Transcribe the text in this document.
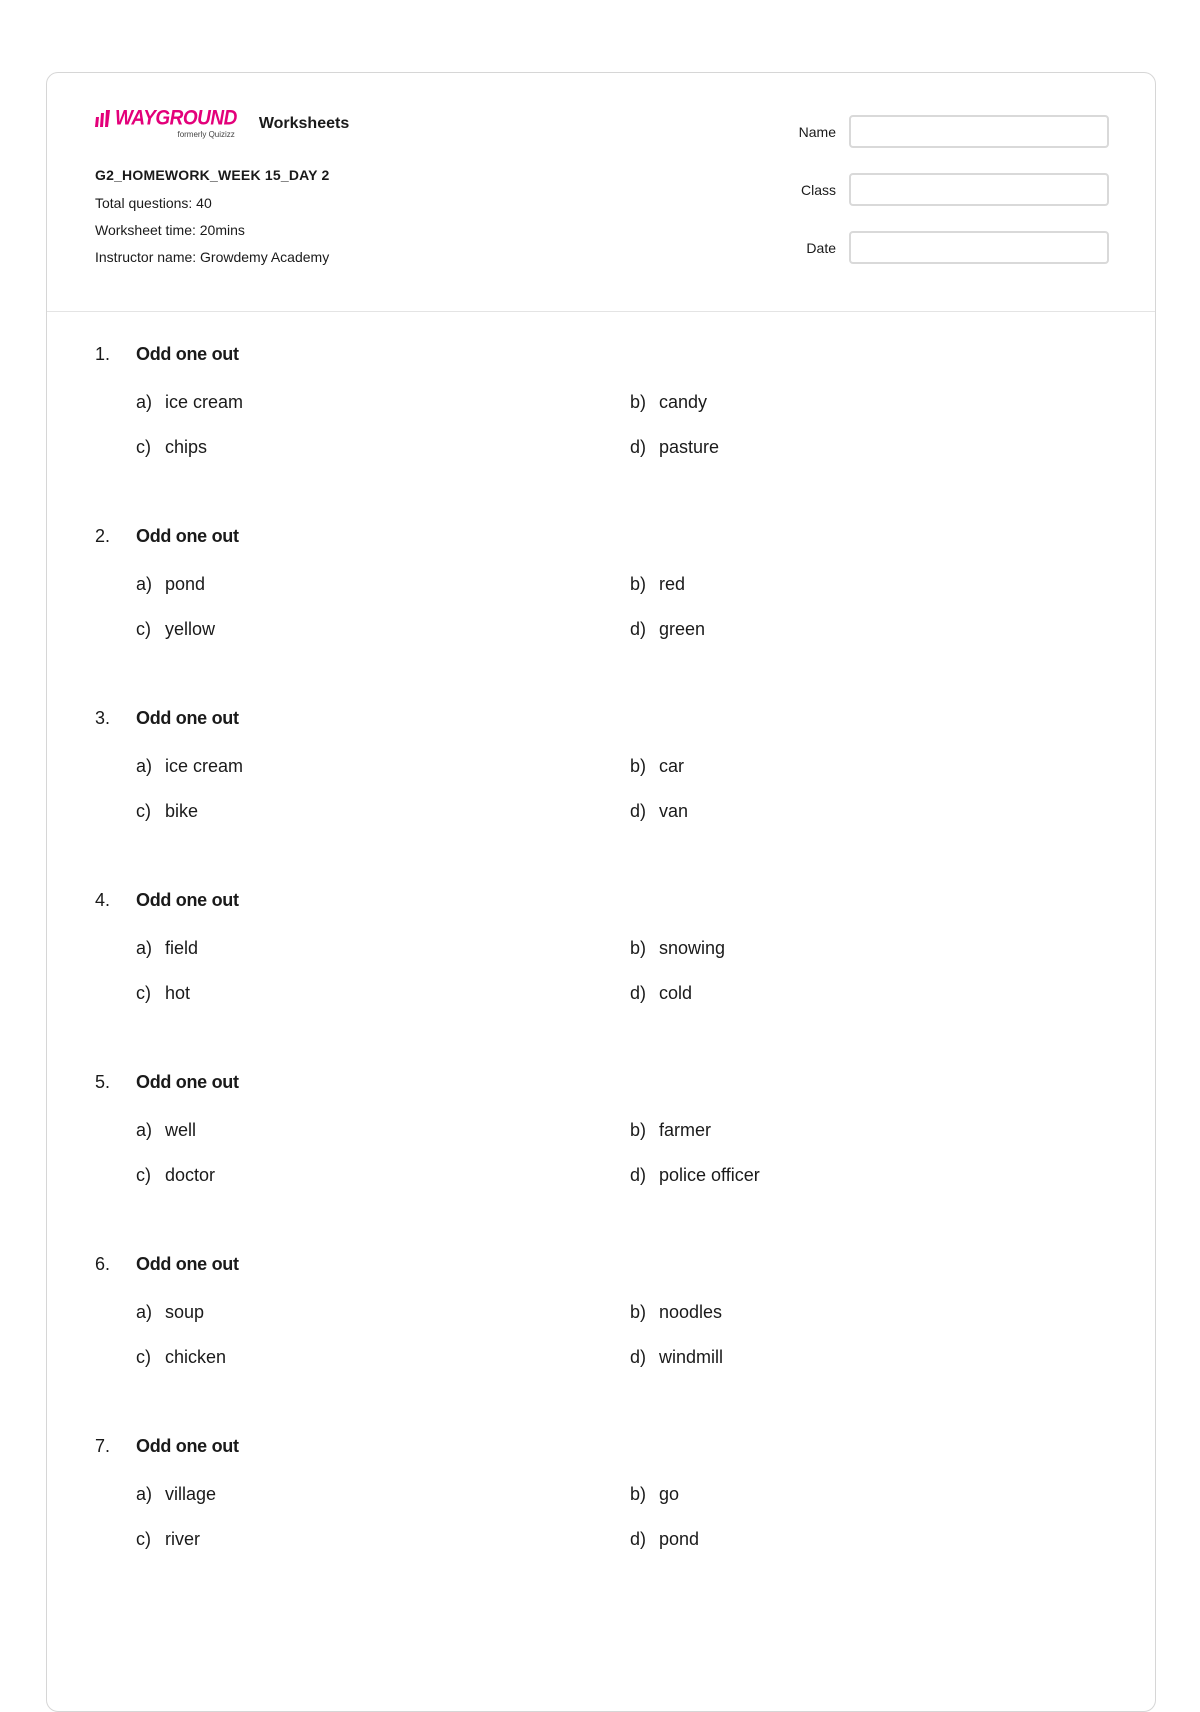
WAYGROUND
formerly Quizizz
Worksheets
G2_HOMEWORK_WEEK 15_DAY 2
Total questions: 40
Worksheet time: 20mins
Instructor name: Growdemy Academy
Name
Class
Date
1.	Odd one out
a) ice cream	b) candy
c) chips	d) pasture
2.	Odd one out
a) pond	b) red
c) yellow	d) green
3.	Odd one out
a) ice cream	b) car
c) bike	d) van
4.	Odd one out
a) field	b) snowing
c) hot	d) cold
5.	Odd one out
a) well	b) farmer
c) doctor	d) police officer
6.	Odd one out
a) soup	b) noodles
c) chicken	d) windmill
7.	Odd one out
a) village	b) go
c) river	d) pond
